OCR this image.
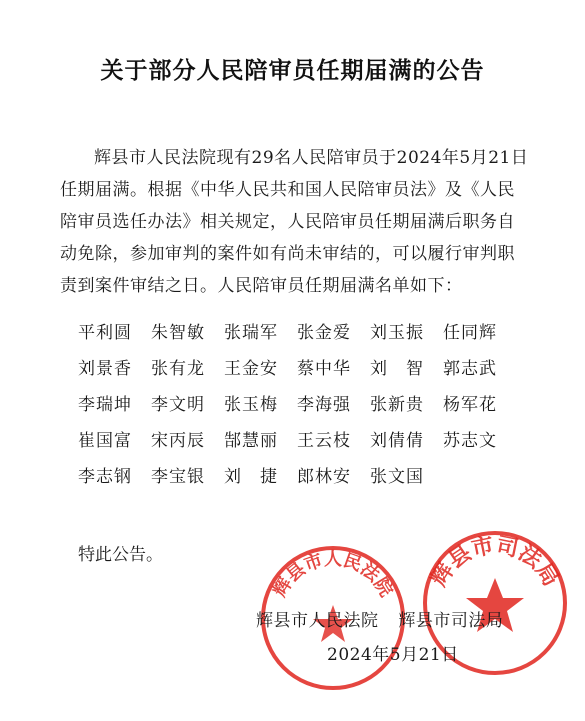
关于部分人民陪审员任期届满的公告

辉县市人民法院现有29名人民陪审员于2024年5月21日任期届满。根据《中华人民共和国人民陪审员法》及《人民陪审员选任办法》相关规定，人民陪审员任期届满后职务自动免除，参加审判的案件如有尚未审结的，可以履行审判职责到案件审结之日。人民陪审员任期届满名单如下：

平利圆 朱智敏 张瑞军 张金爱 刘玉振 任同辉
刘景香 张有龙 王金安 蔡中华 刘　智 郭志武
李瑞坤 李文明 张玉梅 李海强 张新贵 杨军花
崔国富 宋丙辰 郜慧丽 王云枝 刘倩倩 苏志文
李志钢 李宝银 刘　捷 郎林安 张文国
特此公告。
辉县市人民法院 辉县市司法局
辉县市人民法院 辉县市司法局
2024年5月21日
